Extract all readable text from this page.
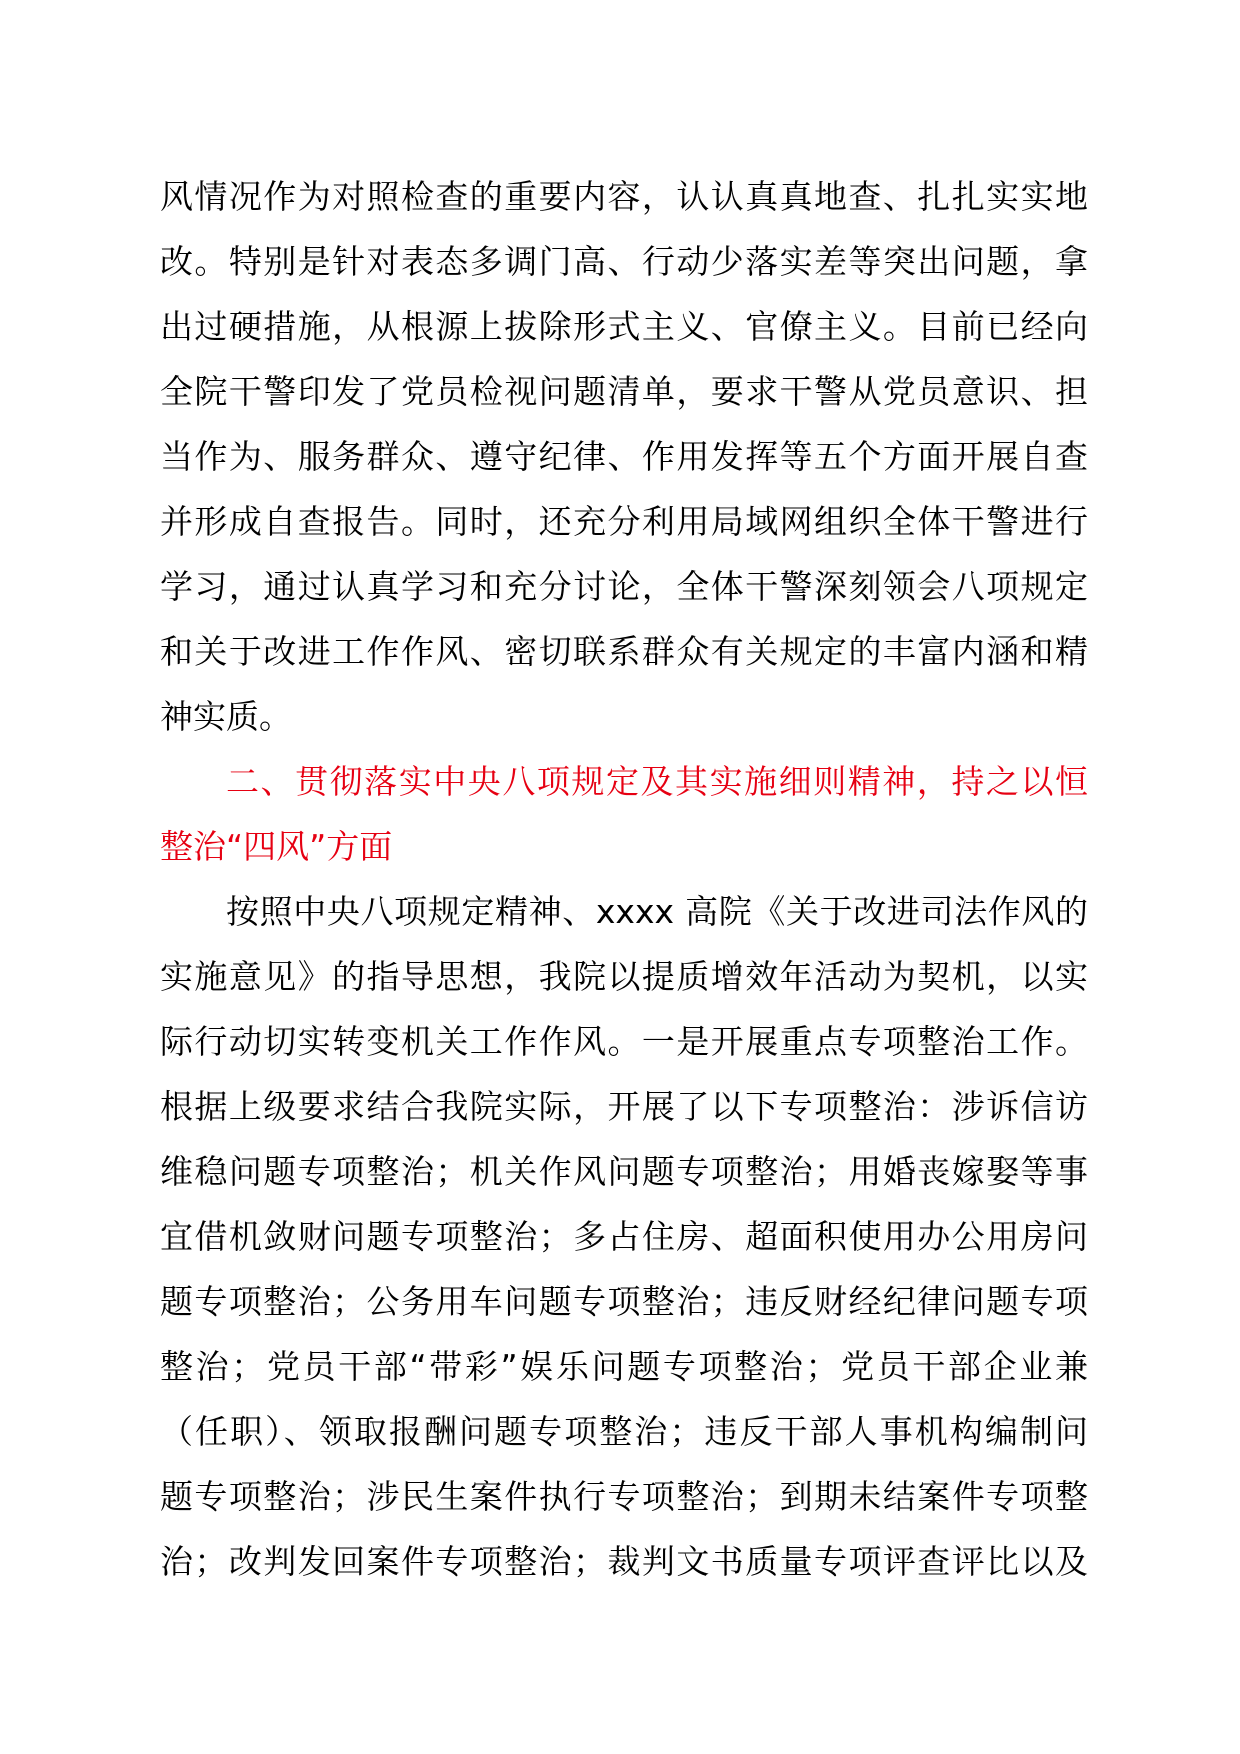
风情况作为对照检查的重要内容，认认真真地查、扎扎实实地
改。特别是针对表态多调门高、行动少落实差等突出问题，拿
出过硬措施，从根源上拔除形式主义、官僚主义。目前已经向
全院干警印发了党员检视问题清单，要求干警从党员意识、担
当作为、服务群众、遵守纪律、作用发挥等五个方面开展自查
并形成自查报告。同时，还充分利用局域网组织全体干警进行
学习，通过认真学习和充分讨论，全体干警深刻领会八项规定
和关于改进工作作风、密切联系群众有关规定的丰富内涵和精
神实质。
二、贯彻落实中央八项规定及其实施细则精神，持之以恒
整治“四风”方面
按照中央八项规定精神、xxxx 高院《关于改进司法作风的
实施意见》的指导思想，我院以提质增效年活动为契机，以实
际行动切实转变机关工作作风。一是开展重点专项整治工作。
根据上级要求结合我院实际，开展了以下专项整治：涉诉信访
维稳问题专项整治；机关作风问题专项整治；用婚丧嫁娶等事
宜借机敛财问题专项整治；多占住房、超面积使用办公用房问
题专项整治；公务用车问题专项整治；违反财经纪律问题专项
整治；党员干部“带彩”娱乐问题专项整治；党员干部企业兼
（任职）、领取报酬问题专项整治；违反干部人事机构编制问
题专项整治；涉民生案件执行专项整治；到期未结案件专项整
治；改判发回案件专项整治；裁判文书质量专项评查评比以及
